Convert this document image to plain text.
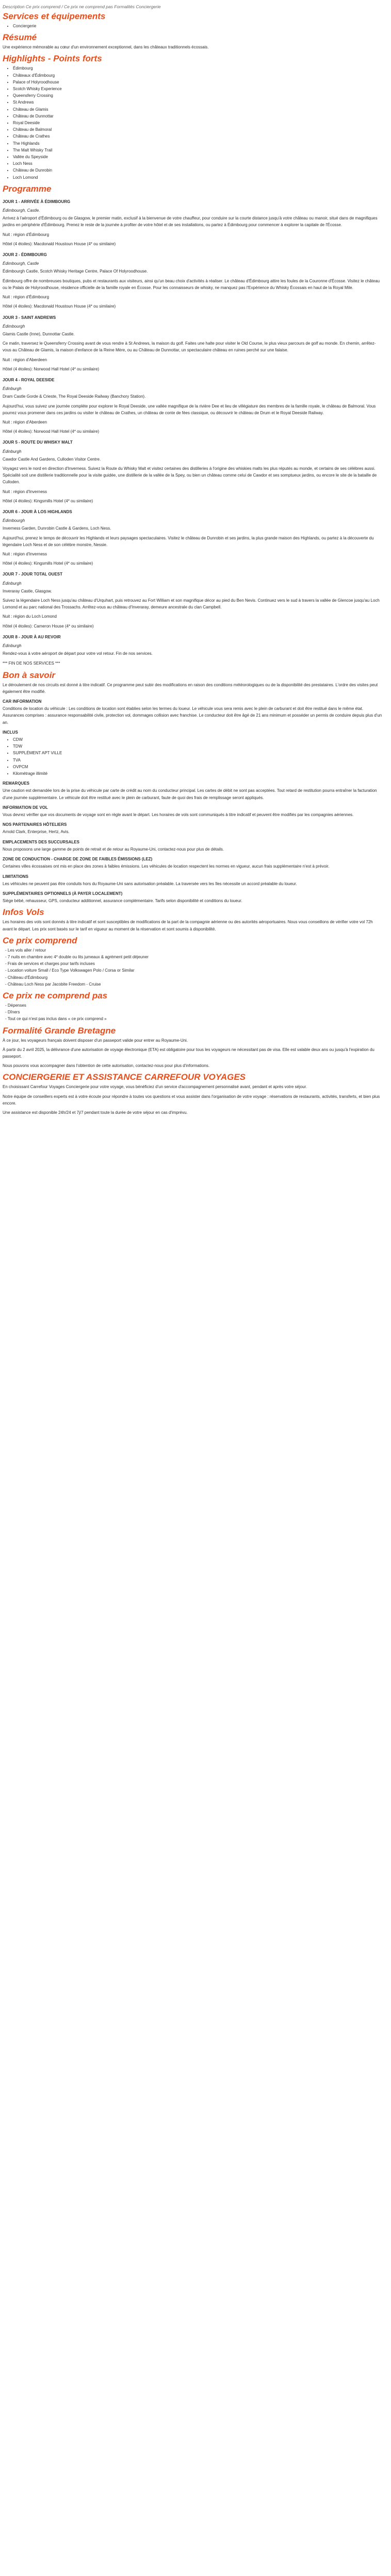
Description Ce prix comprend / Ce prix ne comprend pas Formalités Conciergerie
Services et équipements
• Conciergerie
Résumé

Une expérience mémorable au cœur d'un environnement exceptionnel, dans les châteaux traditionnels écossais.

Highlights - Points forts
• Édimbourg
• Châteaux d'Édimbourg
• Palace of Holyroodhouse
• Scotch Whisky Experience
• Queensferry Crossing
• St Andrews
• Château de Glamis
• Château de Dunnottar
• Royal Deeside
• Château de Balmoral
• Château de Crathes
• The Highlands
• The Malt Whisky Trail
• Vallée du Speyside
• Loch Ness
• Château de Dunrobin
• Loch Lomond
Programme
JOUR 1 - ARRIVÉE À ÉDIMBOURG
Édimbourgh, Castle.

Arrivez à l'aéroport d'Édimbourg ou de Glasgow, le premier matin, exclusif à la bienvenue de votre chauffeur, pour conduire sur la courte distance jusqu'à votre château ou manoir, situé dans de magnifiques jardins en périphérie d'Édimbourg. Prenez le reste de la journée à profiter de votre hôtel et de ses installations, ou partez à Édimbourg pour commencer à explorer la capitale de l'Écosse.

Nuit : région d'Édimbourg

Hôtel (4 étoiles): Macdonald Houstoun House (4* ou similaire)

JOUR 2 - ÉDIMBOURG
Édimbourgh, Castle

Édimbourgh Castle, Scotch Whisky Heritage Centre, Palace Of Holyroodhouse.

Édimbourg offre de nombreuses boutiques, pubs et restaurants aux visiteurs, ainsi qu'un beau choix d'activités à réaliser. Le château d'Édimbourg attire les foules de la Couronne d'Écosse. Visitez le château ou le Palais de Holyroodhouse, résidence officielle de la famille royale en Écosse. Pour les connaisseurs de whisky, ne manquez pas l'Expérience du Whisky Écossais en haut de la Royal Mile.

Nuit : région d'Édimbourg

Hôtel (4 étoiles): Macdonald Houstoun House (4* ou similaire)

JOUR 3 - SAINT ANDREWS
Édimbourgh

Glamis Castle (Inne), Dunnottar Castle.

Ce matin, traversez le Queensferry Crossing avant de vous rendre à St Andrews, la maison du golf. Faites une halte pour visiter le Old Course, le plus vieux parcours de golf au monde. En chemin, arrêtez-vous au Château de Glamis, la maison d'enfance de la Reine Mère, ou au Château de Dunnottar, un spectaculaire château en ruines perché sur une falaise.

Nuit : région d'Aberdeen

Hôtel (4 étoiles): Norwood Hall Hotel (4* ou similaire)

JOUR 4 - ROYAL DEESIDE
Édinburgh

Dram Castle Gorde & Crieste, The Royal Deeside Railway (Banchory Station).

Aujourd'hui, vous suivez une journée complète pour explorer le Royal Deeside, une vallée magnifique de la rivière Dee et lieu de villégiature des membres de la famille royale, le château de Balmoral. Vous pourrez vous promener dans ces jardins ou visiter le château de Crathes, un château de conte de fées classique, ou découvrir le château de Drum et le Royal Deeside Railway.

Nuit : région d'Aberdeen

Hôtel (4 étoiles): Norwood Hall Hotel (4* ou similaire)

JOUR 5 - ROUTE DU WHISKY MALT
Édinburgh

Cawdor Castle And Gardens, Culloden Visitor Centre.

Voyagez vers le nord en direction d'Inverness. Suivez la Route du Whisky Malt et visitez certaines des distilleries à l'origine des whiskies malts les plus réputés au monde, et certains de ses célèbres aussi. Spécialité soit une distillerie traditionnelle pour la visite guidée, une distillerie de la vallée de la Spey, ou bien un château comme celui de Cawdor et ses somptueux jardins, ou encore le site de la bataille de Culloden.

Nuit : région d'Inverness

Hôtel (4 étoiles): Kingsmills Hotel (4* ou similaire)

JOUR 6 - JOUR À LOS HIGHLANDS
Édimbourgh

Inverness Garden, Dunrobin Castle & Gardens, Loch Ness.

Aujourd'hui, prenez le temps de découvrir les Highlands et leurs paysages spectaculaires. Visitez le château de Dunrobin et ses jardins, la plus grande maison des Highlands, ou partez à la découverte du légendaire Loch Ness et de son célèbre monstre, Nessie.

Nuit : région d'Inverness

Hôtel (4 étoiles): Kingsmills Hotel (4* ou similaire)

JOUR 7 - JOUR TOTAL OUEST
Édinburgh

Inveraray Castle, Glasgow.

Suivez la légendaire Loch Ness jusqu'au château d'Urquhart, puis retrouvez au Fort William et son magnifique décor au pied du Ben Nevis. Continuez vers le sud à travers la vallée de Glencoe jusqu'au Loch Lomond et au parc national des Trossachs. Arrêtez-vous au château d'Inveraray, demeure ancestrale du clan Campbell.

Nuit : région du Loch Lomond

Hôtel (4 étoiles): Cameron House (4* ou similaire)

JOUR 8 - JOUR À AU REVOIR
Édinburgh

Rendez-vous à votre aéroport de départ pour votre vol retour. Fin de nos services.

*** FIN DE NOS SERVICES ***

Bon à savoir

Le déroulement de nos circuits est donné à titre indicatif. Ce programme peut subir des modifications en raison des conditions météorologiques ou de la disponibilité des prestataires. L'ordre des visites peut également être modifié.

CAR INFORMATION

Conditions de location du véhicule : Les conditions de location sont établies selon les termes du loueur. Le véhicule vous sera remis avec le plein de carburant et doit être restitué dans le même état. Assurances comprises : assurance responsabilité civile, protection vol, dommages collision avec franchise. Le conducteur doit être âgé de 21 ans minimum et posséder un permis de conduire depuis plus d'un an.

INCLUS
• CDW
• TDW
• SUPPLÉMENT APT VILLE
• TVA
• OVPCM
• Kilométrage illimité
REMARQUES

Une caution est demandée lors de la prise du véhicule par carte de crédit au nom du conducteur principal. Les cartes de débit ne sont pas acceptées. Tout retard de restitution pourra entraîner la facturation d'une journée supplémentaire. Le véhicule doit être restitué avec le plein de carburant, faute de quoi des frais de remplissage seront appliqués.

INFORMATION DE VOL

Vous devrez vérifier que vos documents de voyage sont en règle avant le départ. Les horaires de vols sont communiqués à titre indicatif et peuvent être modifiés par les compagnies aériennes.

NOS PARTENAIRES HÔTELIERS

Arnold Clark, Enterprise, Hertz, Avis.

EMPLACEMENTS DES SUCCURSALES

Nous proposons une large gamme de points de retrait et de retour au Royaume-Uni, contactez-nous pour plus de détails.

ZONE DE CONDUCTION - CHARGE DE ZONE DE FAIBLES ÉMISSIONS (LEZ)

Certaines villes écossaises ont mis en place des zones à faibles émissions. Les véhicules de location respectent les normes en vigueur, aucun frais supplémentaire n'est à prévoir.

LIMITATIONS

Les véhicules ne peuvent pas être conduits hors du Royaume-Uni sans autorisation préalable. La traversée vers les îles nécessite un accord préalable du loueur.

SUPPLÉMENTAIRES OPTIONNELS (À PAYER LOCALEMENT)

Siège bébé, rehausseur, GPS, conducteur additionnel, assurance complémentaire. Tarifs selon disponibilité et conditions du loueur.

Infos Vols

Les horaires des vols sont donnés à titre indicatif et sont susceptibles de modifications de la part de la compagnie aérienne ou des autorités aéroportuaires. Nous vous conseillons de vérifier votre vol 72h avant le départ. Les prix sont basés sur le tarif en vigueur au moment de la réservation et sont soumis à disponibilité.

Ce prix comprend
- Les vols aller / retour
- 7 nuits en chambre avec 4* double ou lits jumeaux & agrément petit déjeuner
- Frais de services et charges pour tarifs incluses
- Location voiture Small / Eco Type Volkswagen Polo / Corsa or Similar
- Château d'Édimbourg
- Château Loch Ness par Jacobite Freedom - Cruise
Ce prix ne comprend pas
- Dépenses
- Dîners
- Tout ce qui n'est pas inclus dans « ce prix comprend »
Formalité Grande Bretagne

À ce jour, les voyageurs français doivent disposer d'un passeport valide pour entrer au Royaume-Uni.

À partir du 2 avril 2025, la délivrance d'une autorisation de voyage électronique (ETA) est obligatoire pour tous les voyageurs ne nécessitant pas de visa. Elle est valable deux ans ou jusqu'à l'expiration du passeport.

Nous pouvons vous accompagner dans l'obtention de cette autorisation, contactez-nous pour plus d'informations.

CONCIERGERIE ET ASSISTANCE CARREFOUR VOYAGES

En choisissant Carrefour Voyages Conciergerie pour votre voyage, vous bénéficiez d'un service d'accompagnement personnalisé avant, pendant et après votre séjour.

Notre équipe de conseillers experts est à votre écoute pour répondre à toutes vos questions et vous assister dans l'organisation de votre voyage : réservations de restaurants, activités, transferts, et bien plus encore.

Une assistance est disponible 24h/24 et 7j/7 pendant toute la durée de votre séjour en cas d'imprévu.
